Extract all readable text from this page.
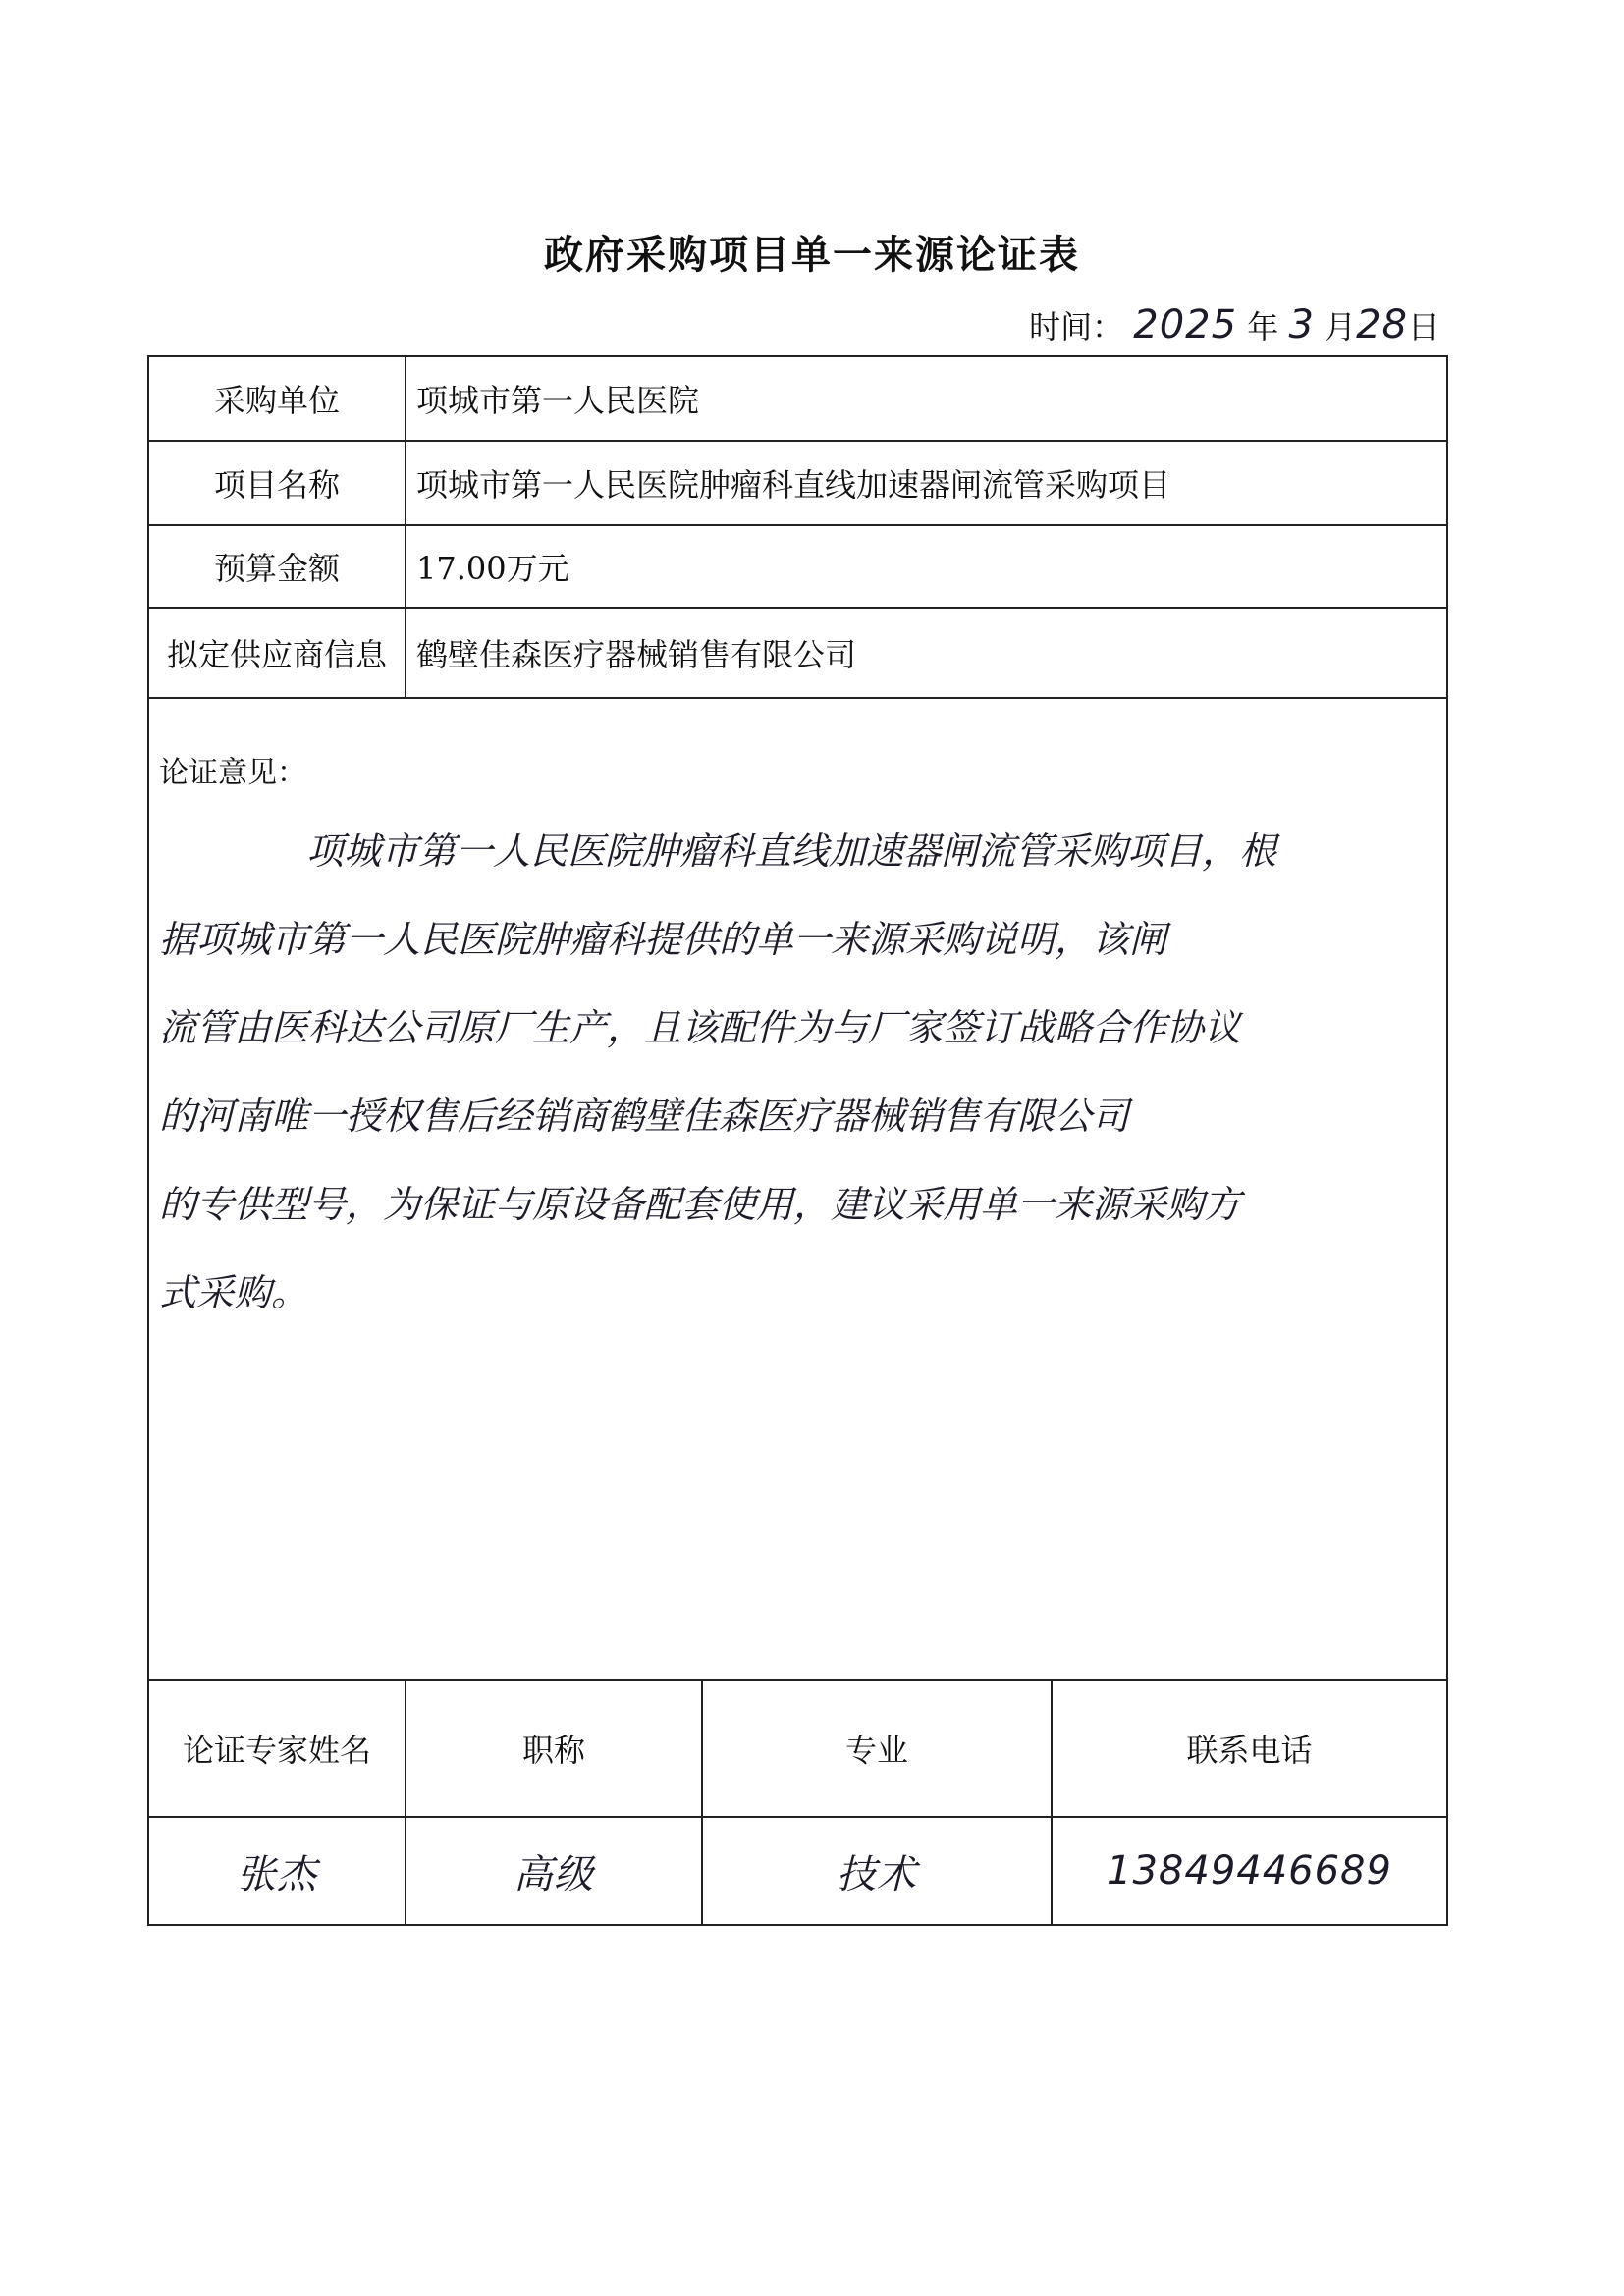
政府采购项目单一来源论证表
时间： 2025 年 3 月28日
采购单位	项城市第一人民医院
项目名称	项城市第一人民医院肿瘤科直线加速器闸流管采购项目
预算金额	17.00万元
拟定供应商信息 鹤壁佳森医疗器械销售有限公司
论证意见：
项城市第一人民医院肿瘤科直线加速器闸流管采购项目，根
据项城市第一人民医院肿瘤科提供的单一来源采购说明，该闸
流管由医科达公司原厂生产，且该配件为与厂家签订战略合作协议
的河南唯一授权售后经销商鹤壁佳森医疗器械销售有限公司
的专供型号，为保证与原设备配套使用，建议采用单一来源采购方
式采购。
论证专家姓名	职称	专业	联系电话
张杰	高级	技术	13849446689
